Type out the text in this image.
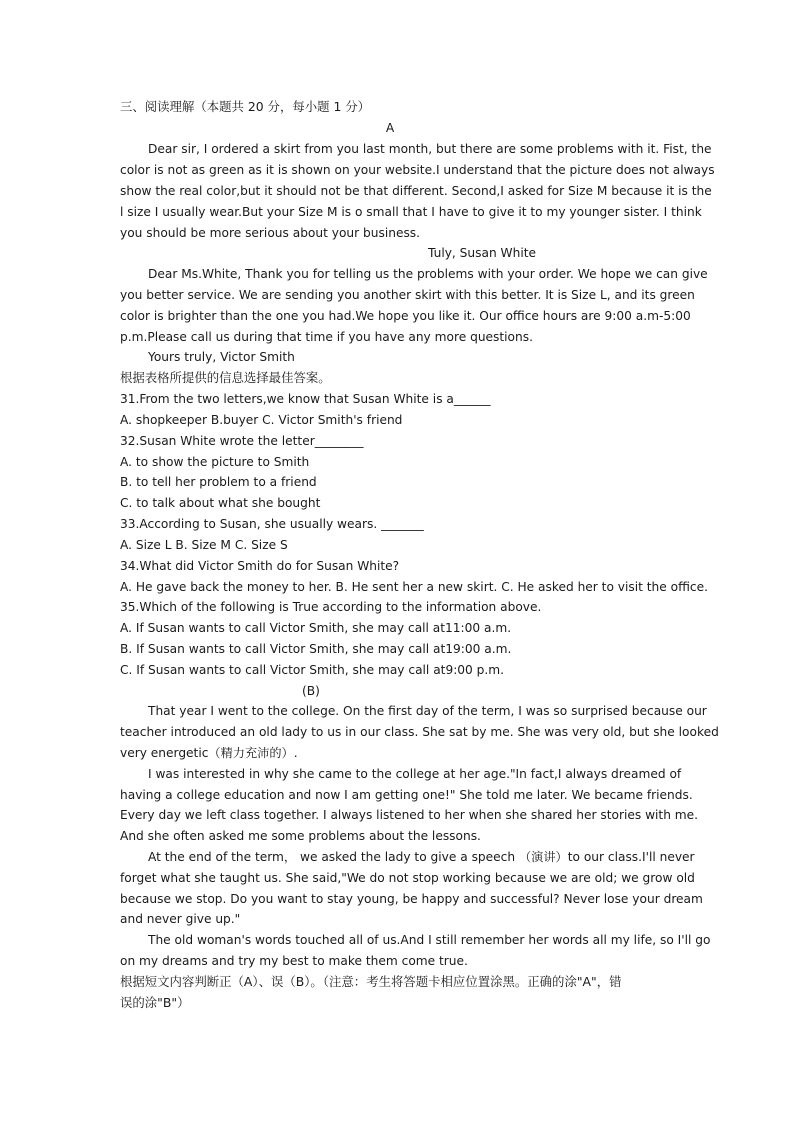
三、阅读理解（本题共 20 分，每小题 1 分）
A
Dear sir, I ordered a skirt from you last month, but there are some problems with it. Fist, the
color is not as green as it is shown on your website.I understand that the picture does not always
show the real color,but it should not be that different. Second,I asked for Size M because it is the
l size I usually wear.But your Size M is o small that I have to give it to my younger sister. I think
you should be more serious about your business.
Tuly, Susan White
Dear Ms.White, Thank you for telling us the problems with your order. We hope we can give
you better service. We are sending you another skirt with this better. It is Size L, and its green
color is brighter than the one you had.We hope you like it. Our office hours are 9:00 a.m-5:00
p.m.Please call us during that time if you have any more questions.
Yours truly, Victor Smith
根据表格所提供的信息选择最佳答案。
31.From the two letters,we know that Susan White is a______
A. shopkeeper B.buyer C. Victor Smith's friend
32.Susan White wrote the letter________
A. to show the picture to Smith
B. to tell her problem to a friend
C. to talk about what she bought
33.According to Susan, she usually wears. _______
A. Size L B. Size M C. Size S
34.What did Victor Smith do for Susan White?
A. He gave back the money to her. B. He sent her a new skirt. C. He asked her to visit the office.
35.Which of the following is True according to the information above.
A. If Susan wants to call Victor Smith, she may call at11:00 a.m.
B. If Susan wants to call Victor Smith, she may call at19:00 a.m.
C. If Susan wants to call Victor Smith, she may call at9:00 p.m.
(B)
That year I went to the college. On the first day of the term, I was so surprised because our
teacher introduced an old lady to us in our class. She sat by me. She was very old, but she looked
very energetic（精力充沛的）.
I was interested in why she came to the college at her age."In fact,I always dreamed of
having a college education and now I am getting one!" She told me later. We became friends.
Every day we left class together. I always listened to her when she shared her stories with me.
And she often asked me some problems about the lessons.
At the end of the term， we asked the lady to give a speech （演讲）to our class.I'll never
forget what she taught us. She said,"We do not stop working because we are old; we grow old
because we stop. Do you want to stay young, be happy and successful? Never lose your dream
and never give up."
The old woman's words touched all of us.And I still remember her words all my life, so I'll go
on my dreams and try my best to make them come true.
根据短文内容判断正（A）、误（B）。（注意：考生将答题卡相应位置涂黑。正确的涂"A"，错
误的涂"B"）
